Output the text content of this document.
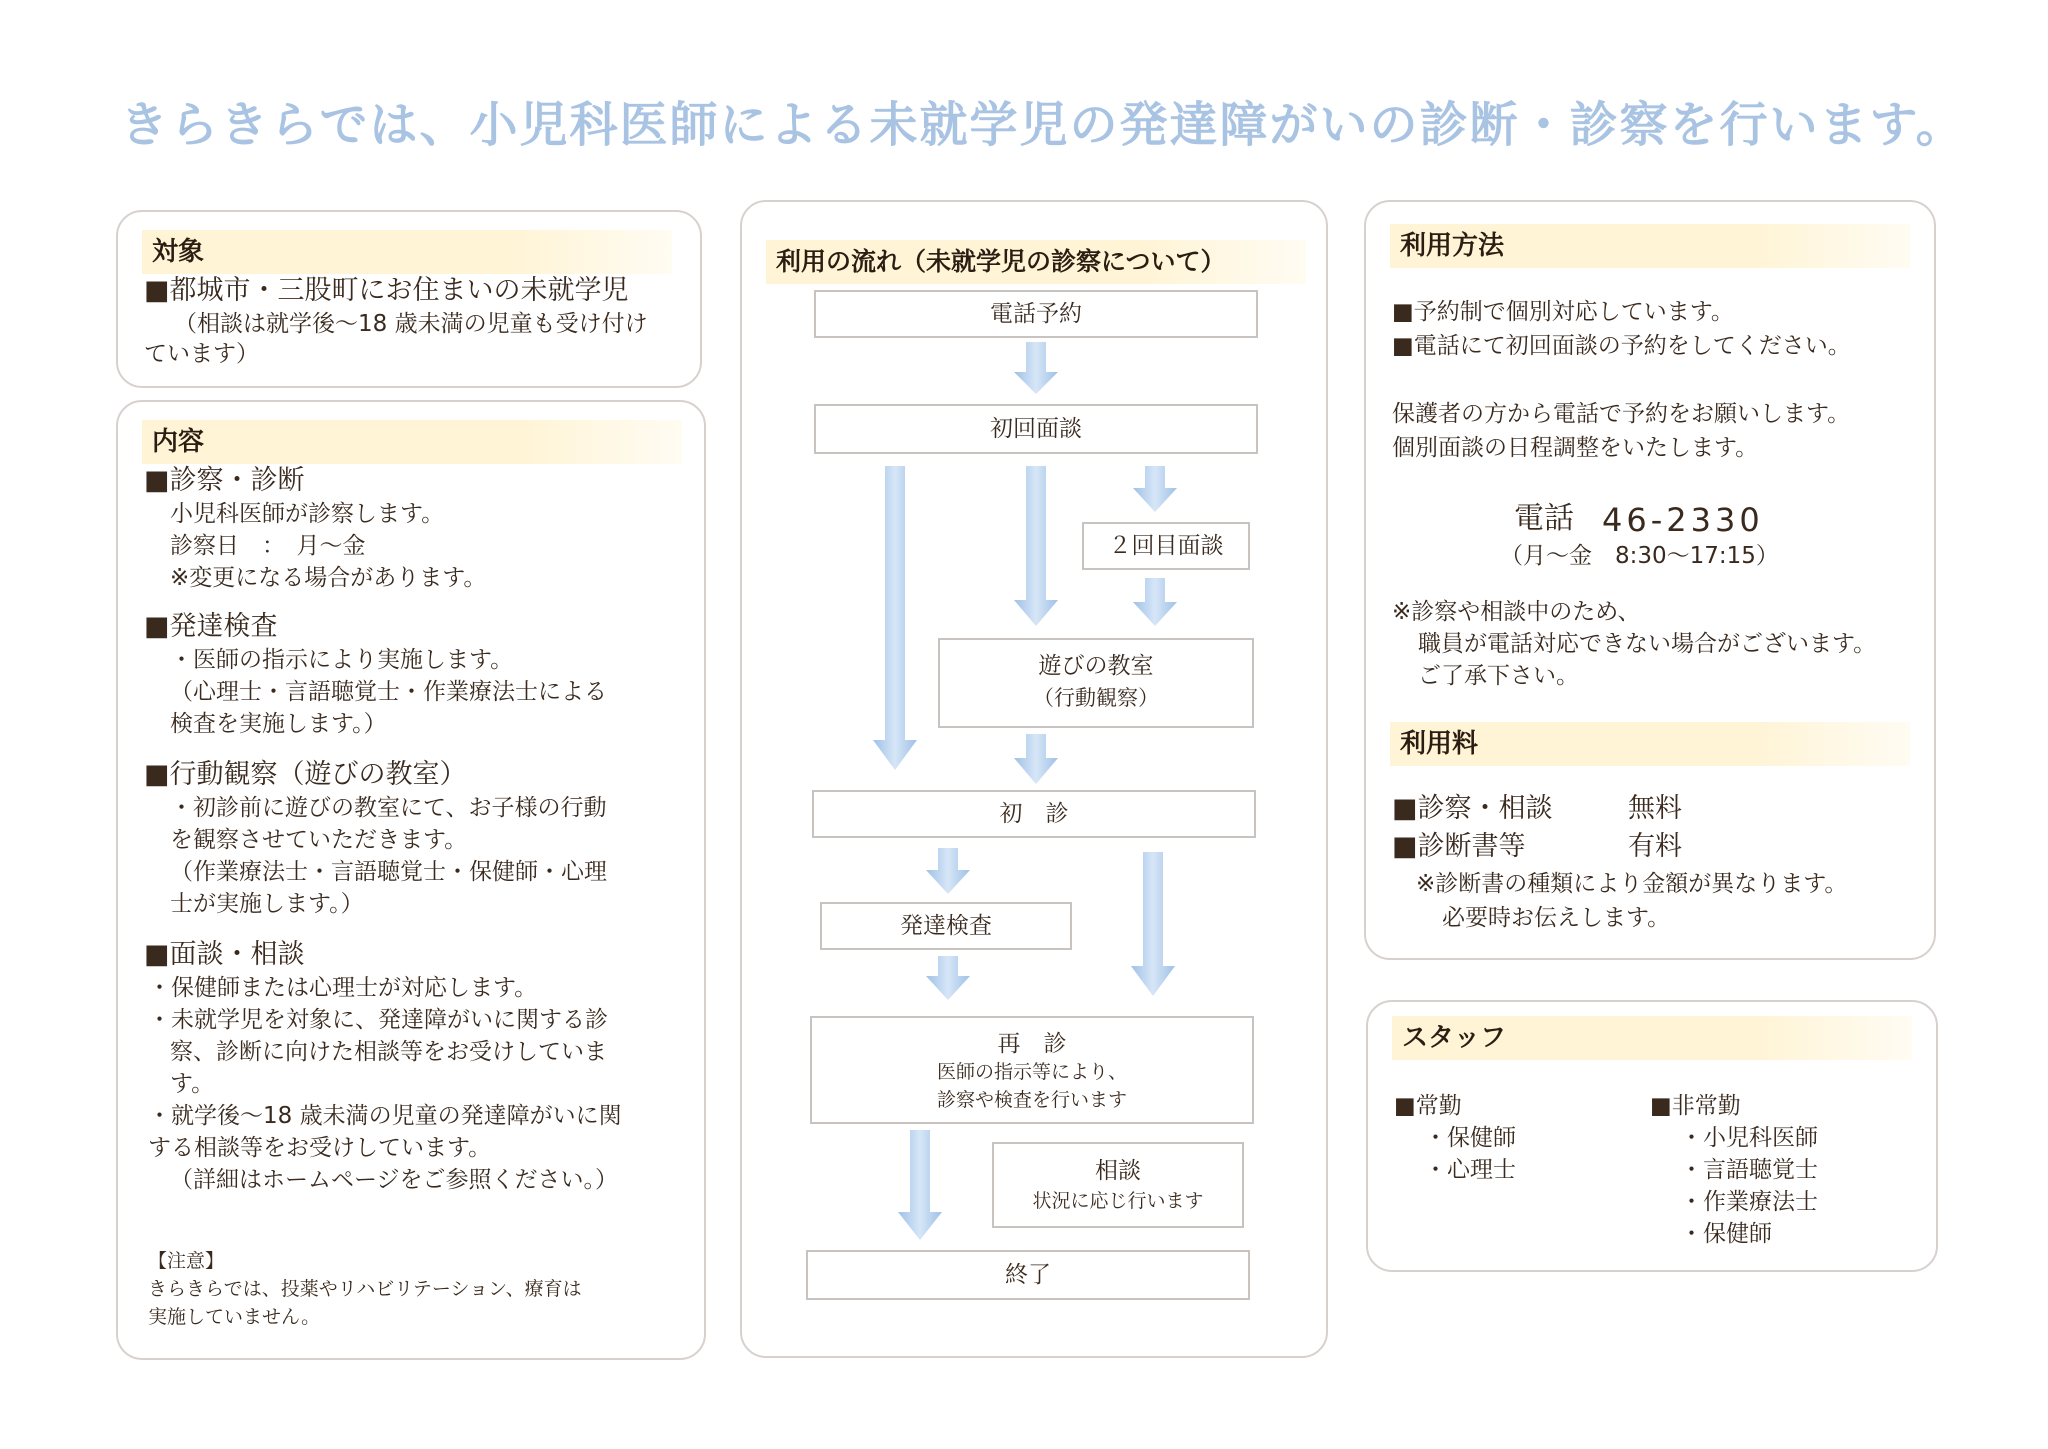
きらきらでは、小児科医師による未就学児の発達障がいの診断・診察を行います。
対象
■都城市・三股町にお住まいの未就学児
（相談は就学後～18 歳未満の児童も受け付け
ています）
内容
■診察・診断
小児科医師が診察します。
診察日　：　月～金
※変更になる場合があります。
■発達検査
・医師の指示により実施します。
（心理士・言語聴覚士・作業療法士による
検査を実施します。）
■行動観察（遊びの教室）
・初診前に遊びの教室にて、お子様の行動
を観察させていただきます。
（作業療法士・言語聴覚士・保健師・心理
士が実施します。）
■面談・相談
・保健師または心理士が対応します。
・未就学児を対象に、発達障がいに関する診
察、診断に向けた相談等をお受けしていま
す。
・就学後～18 歳未満の児童の発達障がいに関
する相談等をお受けしています。
（詳細はホームページをご参照ください。）
【注意】
きらきらでは、投薬やリハビリテーション、療育は
実施していません。
利用の流れ（未就学児の診察について）
電話予約
初回面談
２回目面談
遊びの教室
（行動観察）
初　診
発達検査
再　診
医師の指示等により、
診察や検査を行います
相談
状況に応じ行います
終了
利用方法
■予約制で個別対応しています。
■電話にて初回面談の予約をしてください。
保護者の方から電話で予約をお願いします。
個別面談の日程調整をいたします。
電話 46-2330
（月～金　8:30～17:15）
※診察や相談中のため、
職員が電話対応できない場合がございます。
ご了承下さい。
利用料
■診察・相談	無料
■診断書等	有料
※診断書の種類により金額が異なります。
必要時お伝えします。
スタッフ
■常勤
・保健師
・心理士
■非常勤
・小児科医師
・言語聴覚士
・作業療法士
・保健師
